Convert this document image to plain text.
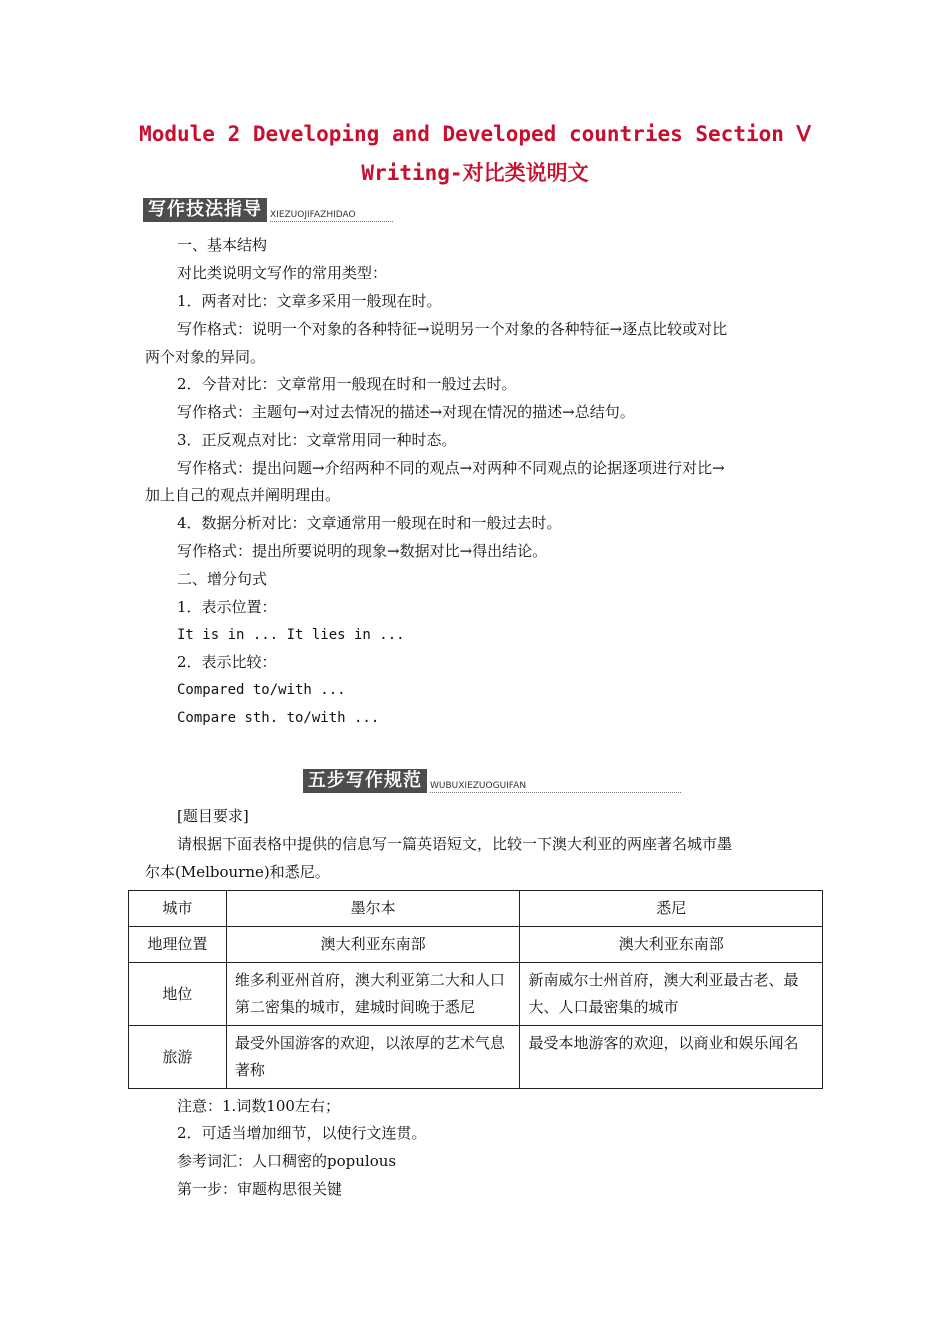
Module 2 Developing and Developed countries Section Ⅴ
Writing-对比类说明文
写作技法指导 XIEZUOJIFAZHIDAO
一、基本结构
对比类说明文写作的常用类型：
1．两者对比：文章多采用一般现在时。
写作格式：说明一个对象的各种特征→说明另一个对象的各种特征→逐点比较或对比
两个对象的异同。
2．今昔对比：文章常用一般现在时和一般过去时。
写作格式：主题句→对过去情况的描述→对现在情况的描述→总结句。
3．正反观点对比：文章常用同一种时态。
写作格式：提出问题→介绍两种不同的观点→对两种不同观点的论据逐项进行对比→
加上自己的观点并阐明理由。
4．数据分析对比：文章通常用一般现在时和一般过去时。
写作格式：提出所要说明的现象→数据对比→得出结论。
二、增分句式
1．表示位置：
It is in ... It lies in ...
2．表示比较：
Compared to/with ...
Compare sth. to/with ...
五步写作规范 WUBUXIEZUOGUIFAN
[题目要求]
请根据下面表格中提供的信息写一篇英语短文，比较一下澳大利亚的两座著名城市墨
尔本(Melbourne)和悉尼。
城市	墨尔本	悉尼
地理位置	澳大利亚东南部	澳大利亚东南部
地位	维多利亚州首府，澳大利亚第二大和人口第二密集的城市，建城时间晚于悉尼	新南威尔士州首府，澳大利亚最古老、最大、人口最密集的城市
旅游	最受外国游客的欢迎，以浓厚的艺术气息著称	最受本地游客的欢迎，以商业和娱乐闻名
注意：1.词数100左右；
2．可适当增加细节，以使行文连贯。
参考词汇：人口稠密的populous
第一步：审题构思很关键
